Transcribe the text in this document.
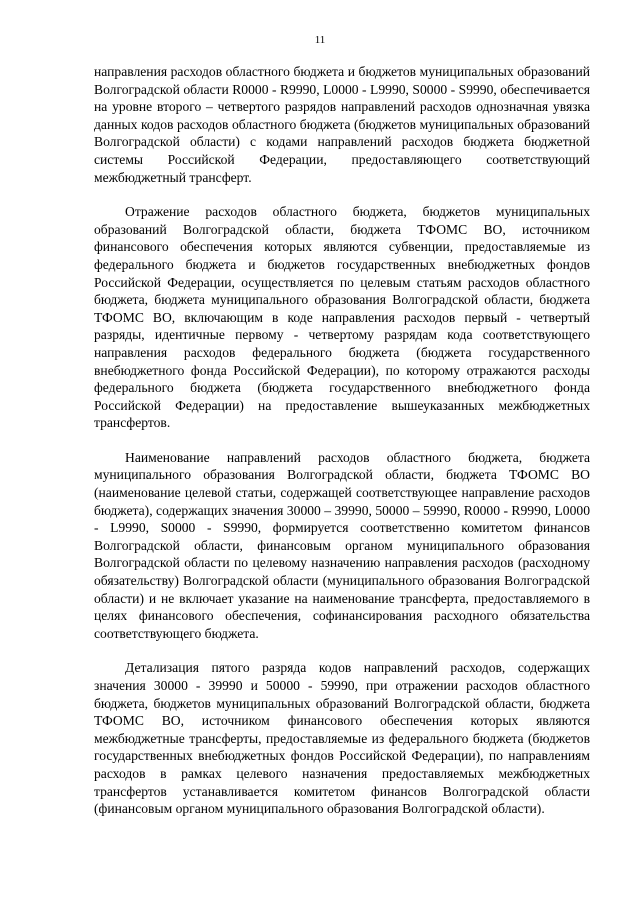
11

направления расходов областного бюджета и бюджетов муниципальных образований Волгоградской области R0000 - R9990, L0000 - L9990, S0000 - S9990, обеспечивается на уровне второго – четвертого разрядов направлений расходов однозначная увязка данных кодов расходов областного бюджета (бюджетов муниципальных образований Волгоградской области) с кодами направлений расходов бюджета бюджетной системы Российской Федерации, предоставляющего соответствующий межбюджетный трансферт.

Отражение расходов областного бюджета, бюджетов муниципальных образований Волгоградской области, бюджета ТФОМС ВО, источником финансового обеспечения которых являются субвенции, предоставляемые из федерального бюджета и бюджетов государственных внебюджетных фондов Российской Федерации, осуществляется по целевым статьям расходов областного бюджета, бюджета муниципального образования Волгоградской области, бюджета ТФОМС ВО, включающим в коде направления расходов первый - четвертый разряды, идентичные первому - четвертому разрядам кода соответствующего направления расходов федерального бюджета (бюджета государственного внебюджетного фонда Российской Федерации), по которому отражаются расходы федерального бюджета (бюджета государственного внебюджетного фонда Российской Федерации) на предоставление вышеуказанных межбюджетных трансфертов.

Наименование направлений расходов областного бюджета, бюджета муниципального образования Волгоградской области, бюджета ТФОМС ВО (наименование целевой статьи, содержащей соответствующее направление расходов бюджета), содержащих значения 30000 – 39990, 50000 – 59990, R0000 - R9990, L0000 - L9990, S0000 - S9990, формируется соответственно комитетом финансов Волгоградской области, финансовым органом муниципального образования Волгоградской области по целевому назначению направления расходов (расходному обязательству) Волгоградской области (муниципального образования Волгоградской области) и не включает указание на наименование трансферта, предоставляемого в целях финансового обеспечения, софинансирования расходного обязательства соответствующего бюджета.

Детализация пятого разряда кодов направлений расходов, содержащих значения 30000 - 39990 и 50000 - 59990, при отражении расходов областного бюджета, бюджетов муниципальных образований Волгоградской области, бюджета ТФОМС ВО, источником финансового обеспечения которых являются межбюджетные трансферты, предоставляемые из федерального бюджета (бюджетов государственных внебюджетных фондов Российской Федерации), по направлениям расходов в рамках целевого назначения предоставляемых межбюджетных трансфертов устанавливается комитетом финансов Волгоградской области (финансовым органом муниципального образования Волгоградской области).
